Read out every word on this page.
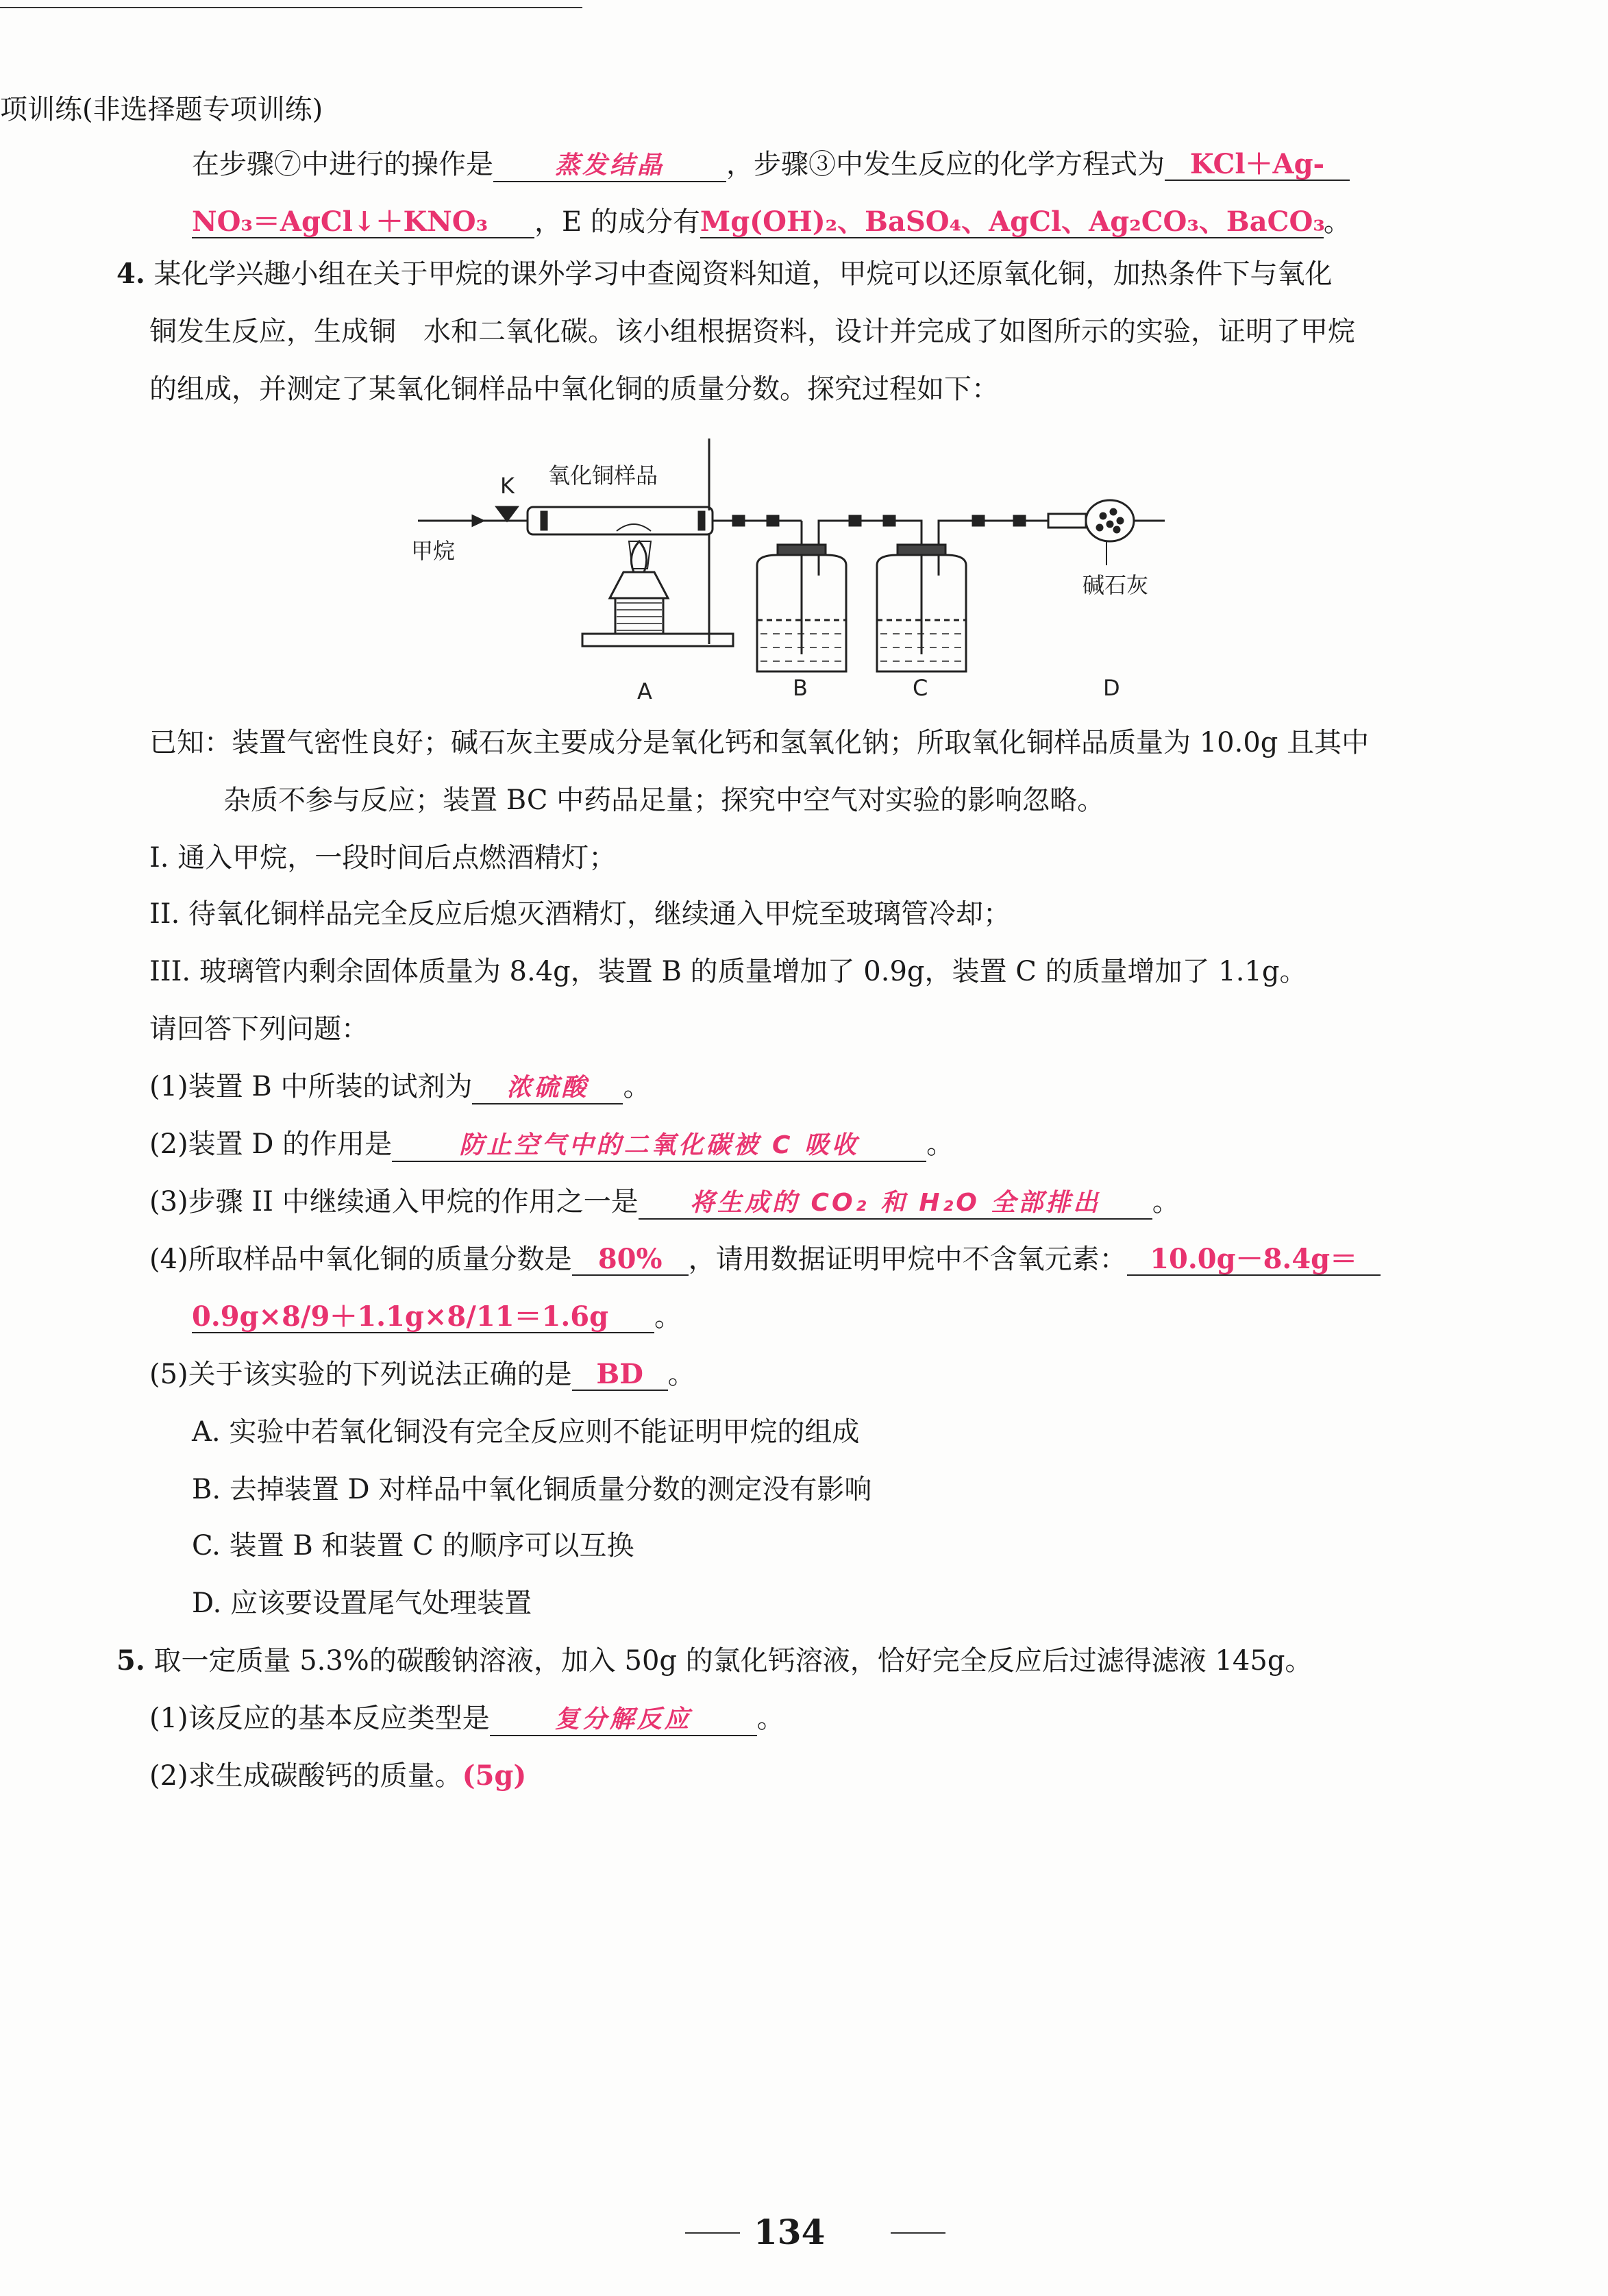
项训练(非选择题专项训练)
在步骤⑦中进行的操作是 蒸发结晶 ，步骤③中发生反应的化学方程式为 KCl＋Ag-
NO₃＝AgCl↓＋KNO₃ ，E 的成分有Mg(OH)₂、BaSO₄、AgCl、Ag₂CO₃、BaCO₃。
4. 某化学兴趣小组在关于甲烷的课外学习中查阅资料知道，甲烷可以还原氧化铜，加热条件下与氧化
铜发生反应，生成铜　水和二氧化碳。该小组根据资料，设计并完成了如图所示的实验，证明了甲烷
的组成，并测定了某氧化铜样品中氧化铜的质量分数。探究过程如下：
氧化铜样品
K
甲烷
碱石灰
A	B	C	D
已知：装置气密性良好；碱石灰主要成分是氧化钙和氢氧化钠；所取氧化铜样品质量为 10.0g 且其中
杂质不参与反应；装置 BC 中药品足量；探究中空气对实验的影响忽略。
I. 通入甲烷，一段时间后点燃酒精灯；
II. 待氧化铜样品完全反应后熄灭酒精灯，继续通入甲烷至玻璃管冷却；
III. 玻璃管内剩余固体质量为 8.4g，装置 B 的质量增加了 0.9g，装置 C 的质量增加了 1.1g。
请回答下列问题：
(1)装置 B 中所装的试剂为 浓硫酸 。
(2)装置 D 的作用是	防止空气中的二氧化碳被 C 吸收 。
(3)步骤 II 中继续通入甲烷的作用之一是 将生成的 CO₂ 和 H₂O 全部排出 。
(4)所取样品中氧化铜的质量分数是 80% ，请用数据证明甲烷中不含氧元素： 10.0g－8.4g＝
0.9g×8/9＋1.1g×8/11＝1.6g 。
(5)关于该实验的下列说法正确的是 BD 。
A. 实验中若氧化铜没有完全反应则不能证明甲烷的组成
B. 去掉装置 D 对样品中氧化铜质量分数的测定没有影响
C. 装置 B 和装置 C 的顺序可以互换
D. 应该要设置尾气处理装置
5. 取一定质量 5.3%的碳酸钠溶液，加入 50g 的氯化钙溶液，恰好完全反应后过滤得滤液 145g。
(1)该反应的基本反应类型是	复分解反应 。
(2)求生成碳酸钙的质量。(5g)
134
